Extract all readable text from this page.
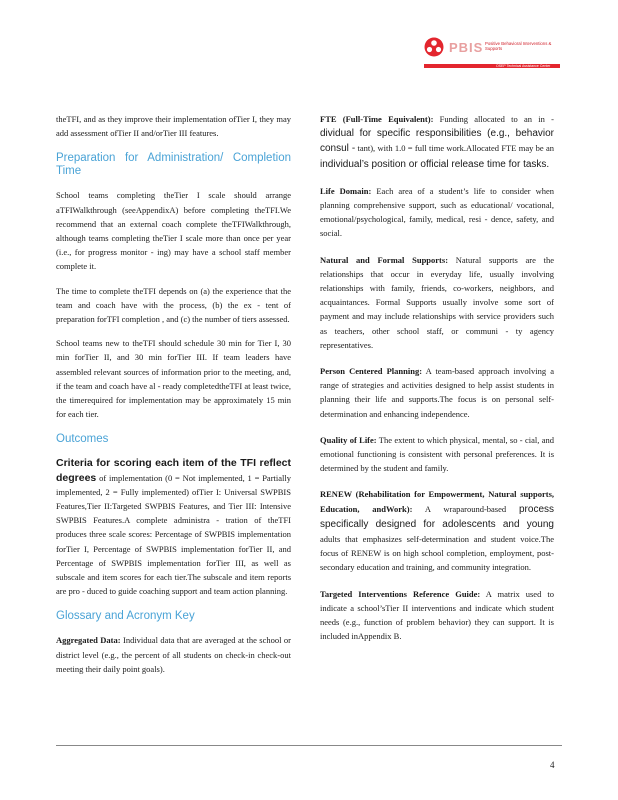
PBIS Positive Behavioral Interventions & Supports
OSEP Technical Assistance Center

theTFI, and as they improve their implementation ofTier I, they may add assessment ofTier II and/orTier III features.

Preparation for Administration/ Completion Time

School teams completing theTier I scale should arrange aTFIWalkthrough (seeAppendixA) before completing theTFI.We recommend that an external coach complete theTFIWalkthrough, although teams completing theTier I scale more than once per year (i.e., for progress monitor - ing) may have a school staff member complete it.

The time to complete theTFI depends on (a) the experience that the team and coach have with the process, (b) the ex - tent of preparation forTFI completion , and (c) the number of tiers assessed.

School teams new to theTFI should schedule 30 min for Tier I, 30 min forTier II, and 30 min forTier III. If team leaders have assembled relevant sources of information prior to the meeting, and, if the team and coach have al - ready completedtheTFI at least twice, the timerequired for implementation may be approximately 15 min for each tier.

Outcomes

Criteria for scoring each item of the TFI reflect degrees of implementation (0 = Not implemented, 1 = Partially implemented, 2 = Fully implemented) ofTier I: Universal SWPBIS Features,Tier II:Targeted SWPBIS Features, and Tier III: Intensive SWPBIS Features.A complete administra - tration of theTFI produces three scale scores: Percentage of SWPBIS implementation forTier I, Percentage of SWPBIS implementation forTier II, and Percentage of SWPBIS implementation forTier III, as well as subscale and item scores for each tier.The subscale and item reports are pro - duced to guide coaching support and team action planning.

Glossary and Acronym Key

Aggregated Data: Individual data that are averaged at the school or district level (e.g., the percent of all students on check-in check-out meeting their daily point goals).

FTE (Full-Time Equivalent): Funding allocated to an in - dividual for specific responsibilities (e.g., behavior consul - tant), with 1.0 = full time work.Allocated FTE may be an individual’s position or official release time for tasks.

Life Domain: Each area of a student’s life to consider when planning comprehensive support, such as educational/ vocational, emotional/psychological, family, medical, resi - dence, safety, and social.

Natural and Formal Supports: Natural supports are the relationships that occur in everyday life, usually involving relationships with family, friends, co-workers, neighbors, and acquaintances. Formal Supports usually involve some sort of payment and may include relationships with service providers such as teachers, other school staff, or communi - ty agency representatives.

Person Centered Planning: A team-based approach involving a range of strategies and activities designed to help assist students in planning their life and supports.The focus is on personal self-determination and enhancing independence.

Quality of Life: The extent to which physical, mental, so - cial, and emotional functioning is consistent with personal preferences. It is determined by the student and family.

RENEW (Rehabilitation for Empowerment, Natural supports, Education, andWork): A wraparound-based process specifically designed for adolescents and young adults that emphasizes self-determination and student voice.The focus of RENEW is on high school completion, employment, post-secondary education and training, and community integration.

Targeted Interventions Reference Guide: A matrix used to indicate a school’sTier II interventions and indicate which student needs (e.g., function of problem behavior) they can support. It is included inAppendix B.

4
